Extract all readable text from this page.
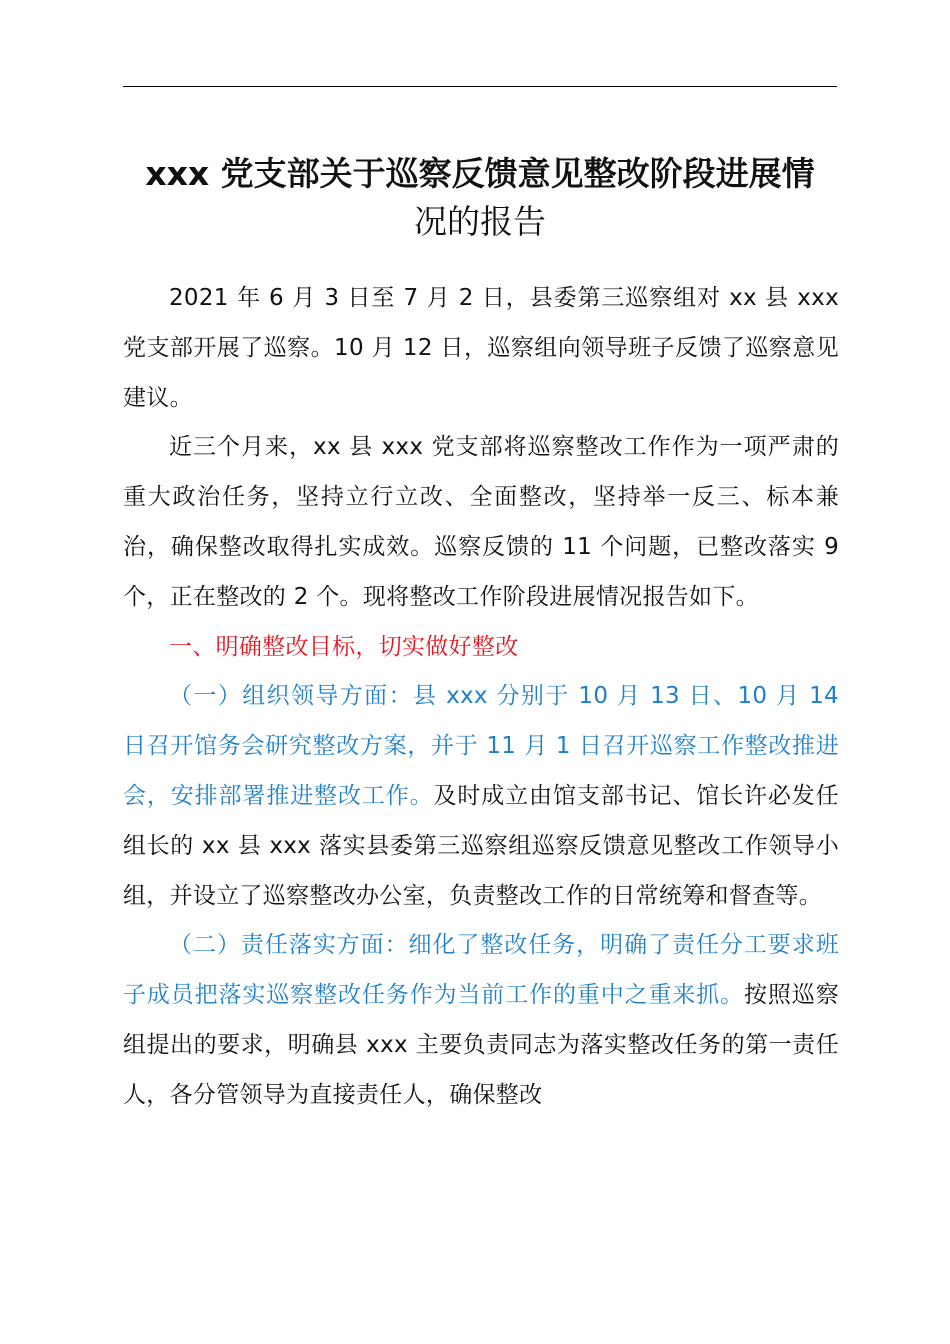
xxx 党支部关于巡察反馈意见整改阶段进展情
况的报告

2021 年 6 月 3 日至 7 月 2 日，县委第三巡察组对 xx 县 xxx 党支部开展了巡察。10 月 12 日，巡察组向领导班子反馈了巡察意见建议。

近三个月来，xx 县 xxx 党支部将巡察整改工作作为一项严肃的重大政治任务，坚持立行立改、全面整改，坚持举一反三、标本兼治，确保整改取得扎实成效。巡察反馈的 11 个问题，已整改落实 9 个，正在整改的 2 个。现将整改工作阶段进展情况报告如下。

一、明确整改目标，切实做好整改

（一）组织领导方面：县 xxx 分别于 10 月 13 日、10 月 14 日召开馆务会研究整改方案，并于 11 月 1 日召开巡察工作整改推进会，安排部署推进整改工作。及时成立由馆支部书记、馆长许必发任组长的 xx 县 xxx 落实县委第三巡察组巡察反馈意见整改工作领导小组，并设立了巡察整改办公室，负责整改工作的日常统筹和督查等。

（二）责任落实方面：细化了整改任务，明确了责任分工要求班子成员把落实巡察整改任务作为当前工作的重中之重来抓。按照巡察组提出的要求，明确县 xxx 主要负责同志为落实整改任务的第一责任人，各分管领导为直接责任人，确保整改
